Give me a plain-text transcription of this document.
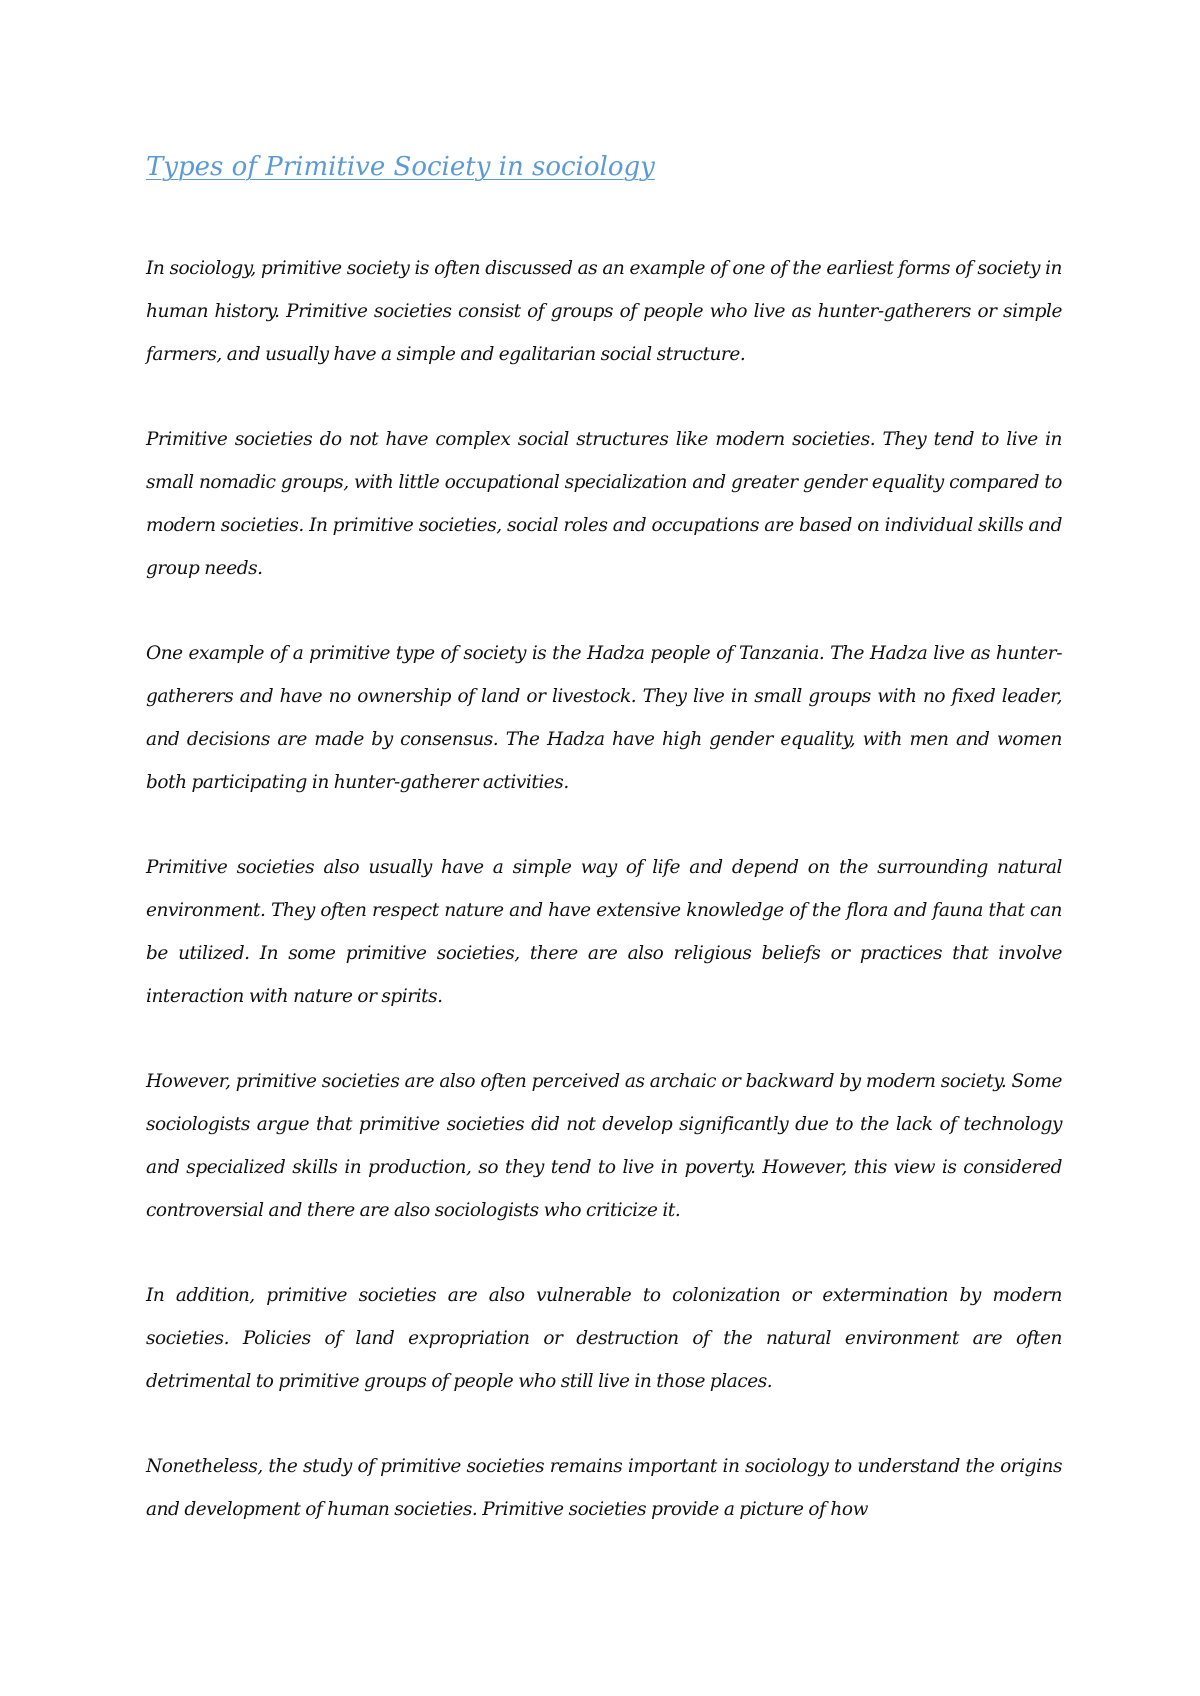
Types of Primitive Society in sociology

In sociology, primitive society is often discussed as an example of one of the earliest forms of society in human history. Primitive societies consist of groups of people who live as hunter-gatherers or simple farmers, and usually have a simple and egalitarian social structure.

Primitive societies do not have complex social structures like modern societies. They tend to live in small nomadic groups, with little occupational specialization and greater gender equality compared to modern societies. In primitive societies, social roles and occupations are based on individual skills and group needs.

One example of a primitive type of society is the Hadza people of Tanzania. The Hadza live as hunter-gatherers and have no ownership of land or livestock. They live in small groups with no fixed leader, and decisions are made by consensus. The Hadza have high gender equality, with men and women both participating in hunter-gatherer activities.

Primitive societies also usually have a simple way of life and depend on the surrounding natural environment. They often respect nature and have extensive knowledge of the flora and fauna that can be utilized. In some primitive societies, there are also religious beliefs or practices that involve interaction with nature or spirits.

However, primitive societies are also often perceived as archaic or backward by modern society. Some sociologists argue that primitive societies did not develop significantly due to the lack of technology and specialized skills in production, so they tend to live in poverty. However, this view is considered controversial and there are also sociologists who criticize it.

In addition, primitive societies are also vulnerable to colonization or extermination by modern societies. Policies of land expropriation or destruction of the natural environment are often detrimental to primitive groups of people who still live in those places.

Nonetheless, the study of primitive societies remains important in sociology to understand the origins and development of human societies. Primitive societies provide a picture of how
